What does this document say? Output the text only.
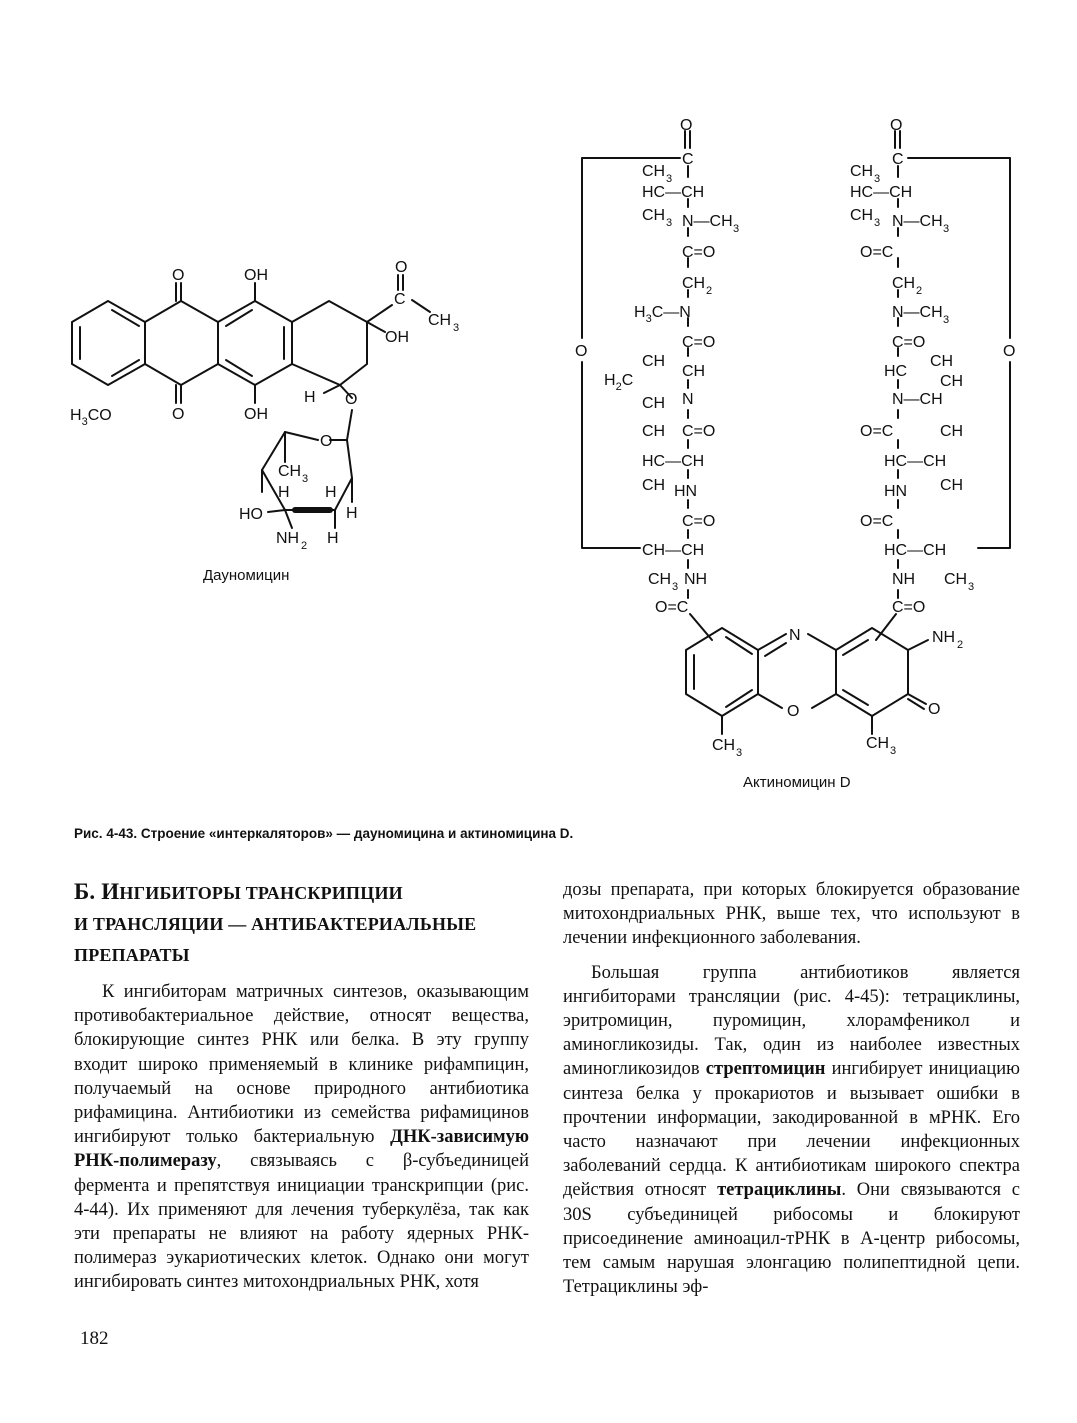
O	OH	O
C
CH 3
OH
O	OH
$H_3CO$
H O
O
CH 3
H H
HO
NH 2 H
H
Дауномицин
O
C
CH 3
HC—CH
CH 3 N—CH 3
C=O
CH 2
$H_3C—N$
C=O
CH
CH
$H_2C$
CH N
CH C=O
HC—CH
CH HN
C=O
CH—CH
CH 3 NH
O=C
O
O
C
CH 3
HC—CH
CH 3 N—CH 3
O=C
CH 2
N—CH 3
C=O
HC
CH
CH
N—CH
O=C	CH
HC—CH
CH
HN
O=C
HC—CH
NH CH 3
C=O
O
N	NH 2
O	O
CH 3
CH 3
Актиномицин D
Рис. 4-43. Строение «интеркаляторов» — дауномицина и актиномицина D.
Б. ИНГИБИТОРЫ ТРАНСКРИПЦИИ
И ТРАНСЛЯЦИИ — АНТИБАКТЕРИАЛЬНЫЕ
ПРЕПАРАТЫ

К ингибиторам матричных синтезов, оказывающим противобактериальное действие, относят вещества, блокирующие синтез РНК или белка. В эту группу входит широко применяемый в клинике рифампицин, получаемый на основе природного антибиотика рифамицина. Антибиотики из семейства рифамицинов ингибируют только бактериальную ДНК-зависимую РНК-полимеразу, связываясь с β-субъединицей фермента и препятствуя инициации транскрипции (рис. 4-44). Их применяют для лечения туберкулёза, так как эти препараты не влияют на работу ядерных РНК-полимераз эукариотических клеток. Однако они могут ингибировать синтез митохондриальных РНК, хотя

дозы препарата, при которых блокируется образование митохондриальных РНК, выше тех, что используют в лечении инфекционного заболевания.

Большая группа антибиотиков является ингибиторами трансляции (рис. 4-45): тетрациклины, эритромицин, пуромицин, хлорамфеникол и аминогликозиды. Так, один из наиболее известных аминогликозидов стрептомицин ингибирует инициацию синтеза белка у прокариотов и вызывает ошибки в прочтении информации, закодированной в мРНК. Его часто назначают при лечении инфекционных заболеваний сердца. К антибиотикам широкого спектра действия относят тетрациклины. Они связываются с 30S субъединицей рибосомы и блокируют присоединение аминоацил-тРНК в А-центр рибосомы, тем самым нарушая элонгацию полипептидной цепи. Тетрациклины эф-

182
